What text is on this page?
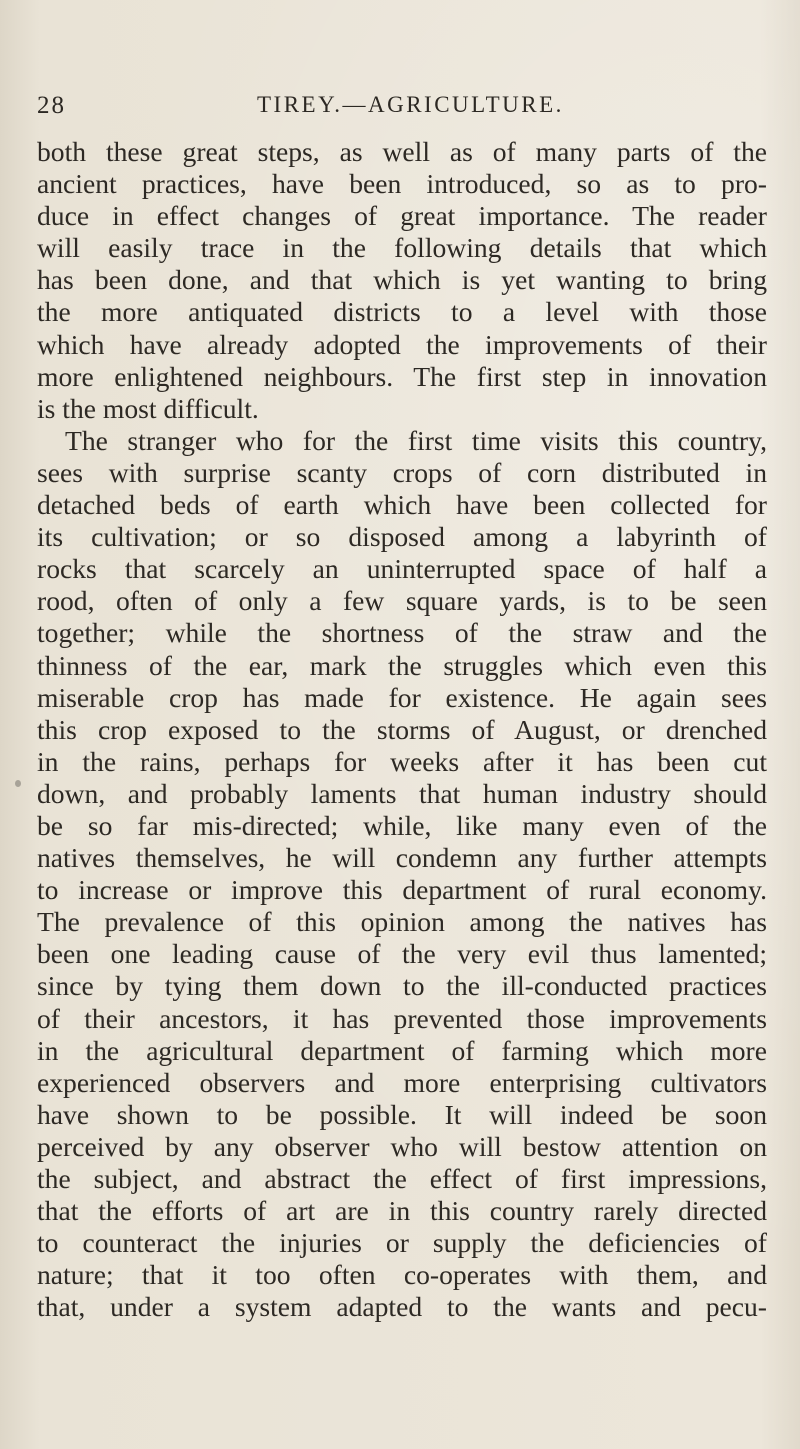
28	TIREY.—AGRICULTURE.
both these great steps, as well as of many parts of the
ancient practices, have been introduced, so as to pro-
duce in effect changes of great importance. The reader
will easily trace in the following details that which
has been done, and that which is yet wanting to bring
the more antiquated districts to a level with those
which have already adopted the improvements of their
more enlightened neighbours. The first step in innovation
is the most difficult.
The stranger who for the first time visits this country,
sees with surprise scanty crops of corn distributed in
detached beds of earth which have been collected for
its cultivation; or so disposed among a labyrinth of
rocks that scarcely an uninterrupted space of half a
rood, often of only a few square yards, is to be seen
together; while the shortness of the straw and the
thinness of the ear, mark the struggles which even this
miserable crop has made for existence. He again sees
this crop exposed to the storms of August, or drenched
in the rains, perhaps for weeks after it has been cut
down, and probably laments that human industry should
be so far mis-directed; while, like many even of the
natives themselves, he will condemn any further attempts
to increase or improve this department of rural economy.
The prevalence of this opinion among the natives has
been one leading cause of the very evil thus lamented;
since by tying them down to the ill-conducted practices
of their ancestors, it has prevented those improvements
in the agricultural department of farming which more
experienced observers and more enterprising cultivators
have shown to be possible. It will indeed be soon
perceived by any observer who will bestow attention on
the subject, and abstract the effect of first impressions,
that the efforts of art are in this country rarely directed
to counteract the injuries or supply the deficiencies of
nature; that it too often co-operates with them, and
that, under a system adapted to the wants and pecu-
